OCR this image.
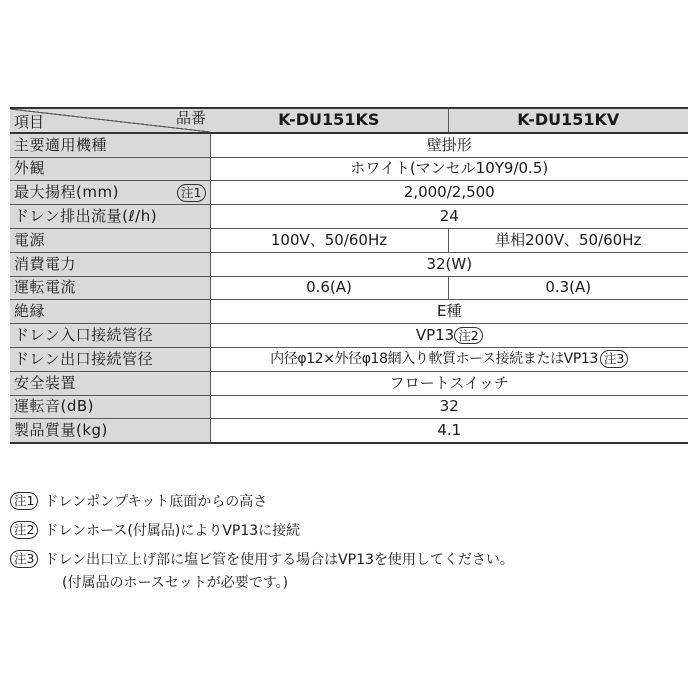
項目 品番	K-DU151KS	K-DU151KV
主要適用機種	壁掛形	
外観	ホワイト(マンセル10Y9/0.5)	

最大揚程(mm) 注1	2,000/2,500	
ドレン排出流量(ℓ/h)	24	
電源	100V、50/60Hz	単相200V、50/60Hz
消費電力	32(W)	
運転電流	0.6(A)	0.3(A)
絶縁	E種	
ドレン入口接続管径	VP13 注2	
ドレン出口接続管径	内径φ12×外径φ18網入り軟質ホース接続またはVP13 注3	
安全装置	フロートスイッチ	
運転音(dB)	32	
製品質量(kg)	4.1	
注1 ドレンポンプキット底面からの高さ
注2 ドレンホース(付属品)によりVP13に接続
注3 ドレン出口立上げ部に塩ビ管を使用する場合はVP13を使用してください。
(付属品のホースセットが必要です。)
